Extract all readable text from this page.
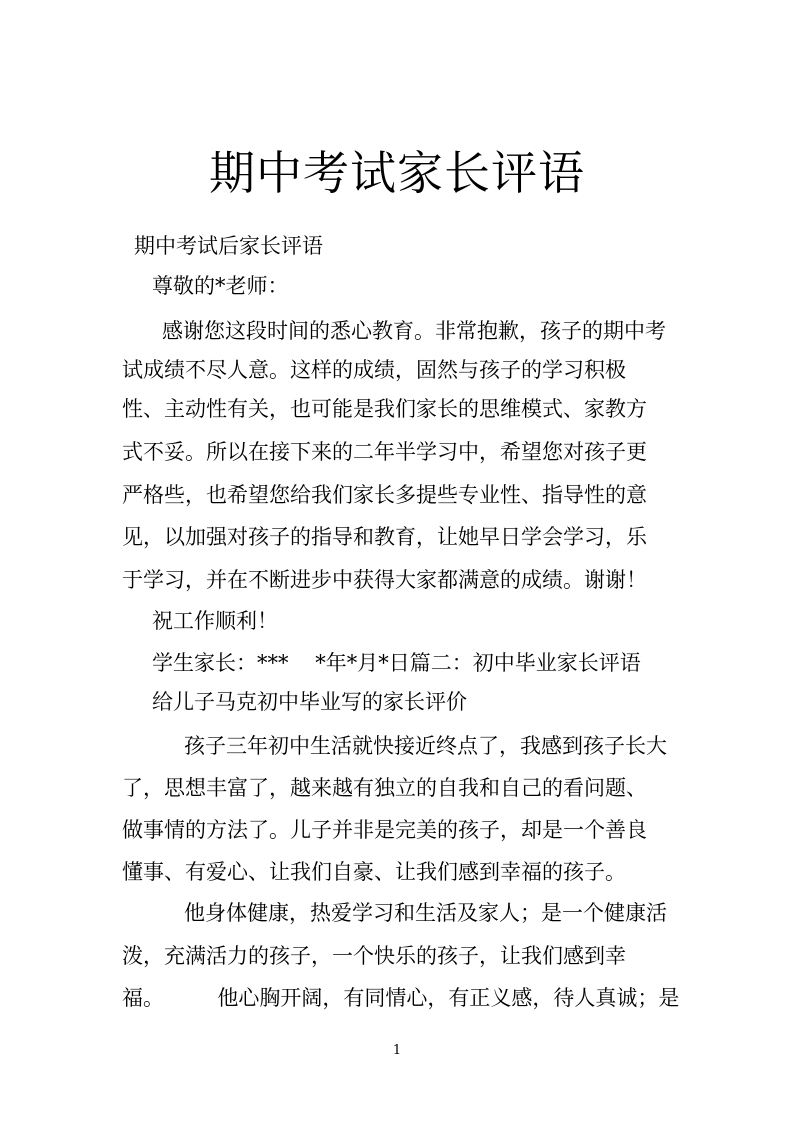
期中考试家长评语
期中考试后家长评语
尊敬的*老师：
感谢您这段时间的悉心教育。非常抱歉，孩子的期中考
试成绩不尽人意。这样的成绩，固然与孩子的学习积极
性、主动性有关，也可能是我们家长的思维模式、家教方
式不妥。所以在接下来的二年半学习中，希望您对孩子更
严格些，也希望您给我们家长多提些专业性、指导性的意
见，以加强对孩子的指导和教育，让她早日学会学习，乐
于学习，并在不断进步中获得大家都满意的成绩。谢谢！
祝工作顺利！
学生家长：***    *年*月*日篇二：初中毕业家长评语
给儿子马克初中毕业写的家长评价
孩子三年初中生活就快接近终点了，我感到孩子长大
了，思想丰富了，越来越有独立的自我和自己的看问题、
做事情的方法了。儿子并非是完美的孩子，却是一个善良
懂事、有爱心、让我们自豪、让我们感到幸福的孩子。
他身体健康，热爱学习和生活及家人；是一个健康活
泼，充满活力的孩子，一个快乐的孩子，让我们感到幸
福。        他心胸开阔，有同情心，有正义感，待人真诚；是
1
